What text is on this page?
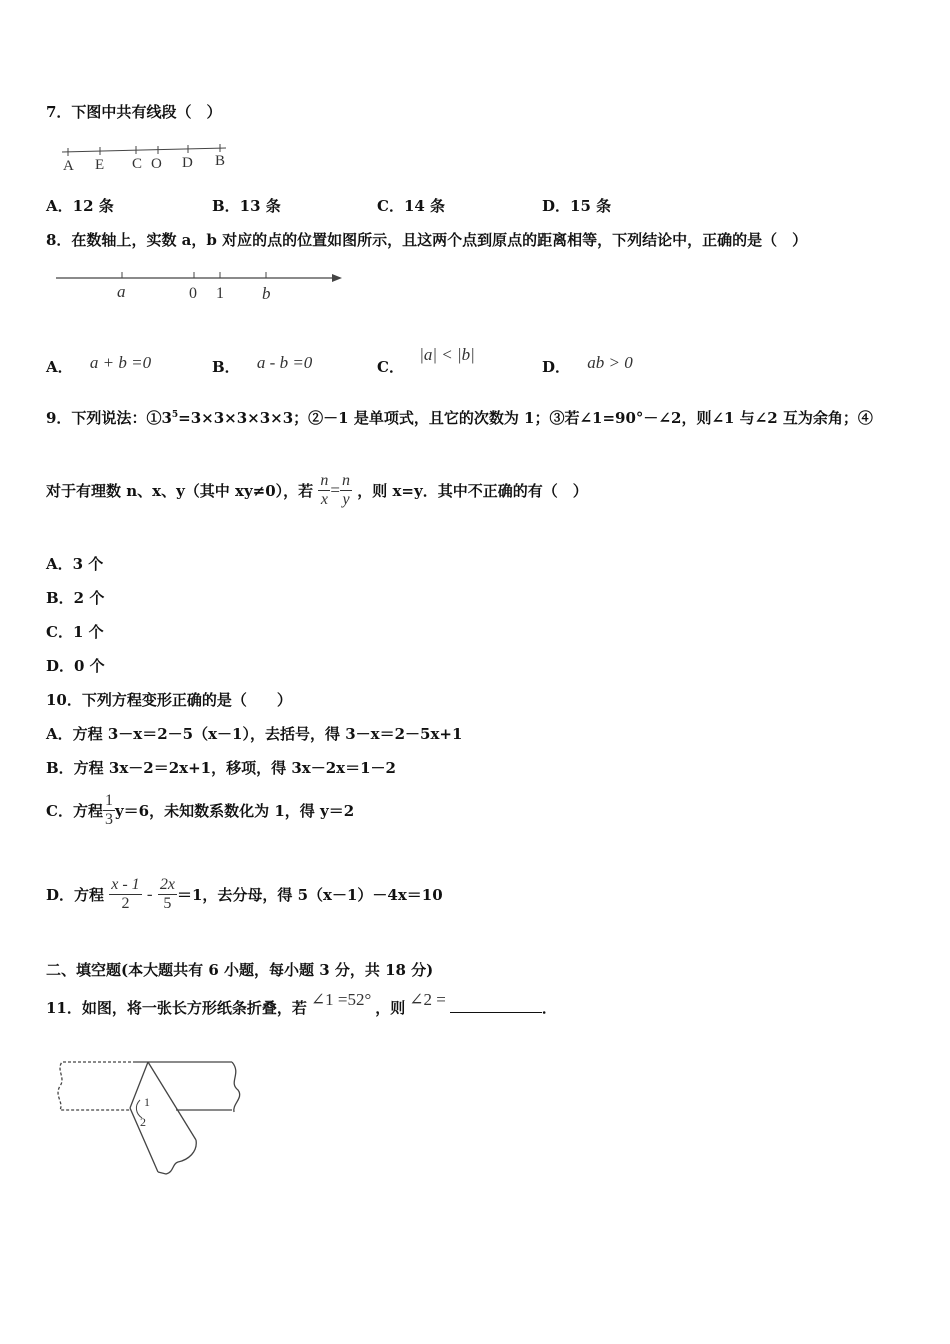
7．下图中共有线段（　）
A E C O D B
A．12 条	B．13 条	C．14 条	D．15 条
8．在数轴上，实数 a，b 对应的点的位置如图所示，且这两个点到原点的距离相等，下列结论中，正确的是（　）
a	0 1 b
A． a + b =0	B． a - b =0	C． |a| < |b|
D． ab > 0
9．下列说法：$①3^5=3\times 3\times 3\times 3\times 3$；②－1 是单项式，且它的次数为 1；③若∠1=90°－∠2，则∠1 与∠2 互为余角；④
对于有理数 n、x、y（其中 xy≠0），若 $\frac{n}{x} = \frac{n}{y}$ ，则 x=y．其中不正确的有（　）
A．3 个
B．2 个
C．1 个
D．0 个
10．下列方程变形正确的是（　　）
A．方程 3－x＝2－5（x－1），去括号，得 3－x＝2－5x+1
B．方程 3x－2＝2x+1，移项，得 3x－2x＝1－2
C．方程 $\frac{1}{3} y=6$，未知数系数化为 1，得 y＝2
D．方程 $\frac{x - 1}{2} - \frac{2x}{5} =1$，去分母，得 5（x－1）－4x＝10
二、填空题(本大题共有 6 小题，每小题 3 分，共 18 分)
11．如图，将一张长方形纸条折叠，若 ∠1 =52° ，则 ∠2 =	．
1
2
